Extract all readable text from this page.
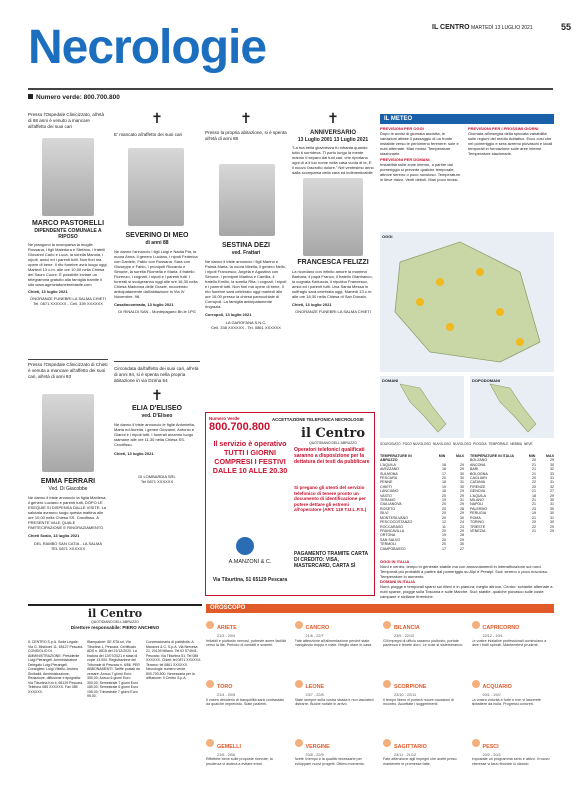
Necrologie	IL CENTRO MARTEDÌ 13 LUGLIO 2021	55
Numero verde: 800.700.800
Presso l'Ospedale Clinicizzato, all'età di 68 anni è venuto a mancare all'affetto dei suoi cari
MARCO PASTORELLI
DIPENDENTE COMUNALE A RIPOSO
Ne piangono la scomparsa la moglie Rossana, i figli Maledora e Stefano, i fratelli Giovanni Carlo e Luca, la sorella Manola, i nipoti, amici ed i parenti tutti. Non fiori ma opere di bene. Il rito funebre avrà luogo oggi, Martedì 13 c.m. alle ore 10,00 nella Chiesa del Sacro Cuore. È possibile inviare un telegramma gratuito alla famiglia tramite il sito www.agenziafunebrebasile.com
Chieti, 13 luglio 2021
ONORANZE FUNEBRI LA SALMA CHIETI
Tel. 0871 XXXXXX - Cell. 339 XXXXXX
Presso l'Ospedale Clinicizzato di Chieti è venuta a mancare all'affetto dei suoi cari, all'età di anni 93
EMMA FERRARI
Ved. Di Giacobbe
Ne danno il triste annuncio la figlia Marilena, il genero Luciano e parenti tutti. DOPO LE ESEQUIE SI DISPENSA DALLE VISITE. La salutata avranno luogo questa mattina alle ore 10,00 nella Chiesa SS. Crocifisso. A PRESENTE VALE QUALE PARTECIPAZIONE E RINGRAZIAMENTO
Chieti Scalo, 13 luglio 2021
DEL RAMBO SAN CATIA - LA SALMA
TEL 0871 XXXXXX
✝
E' mancato all'affetto dei suoi cari
SEVERINO DI MEO
di anni 88
Ne danno l'annuncio i figli Luigi e Nadia Pia, la nuora Anna, il genero Luciano, i nipoti Federica con Daniele, Fabio con Rossana. Sara con Giuseppe e Fabio, i pronipoti Riccardo e Simone, la sorella Filomella e Maria, il fratello Fiorenzo, i cognati, i nipoti e i parenti tutti. I funerali si svolgeranno oggi alle ore 16,30 nella Chiesa Madonna delle Grazie, muovendo anticipatamente dall'abitazione in Via IV Novembre, 98.
Casalincontrada, 13 luglio 2021
DI RINALDI SAN - Montepagano Bh.le 1PG
Circondata dall'affetto dei suoi cari, all'età di anni 94, si è spenta nella propria abitazione in via Dzima 54
✝
ELIA D'ELISEO
ved. D'Eliseo
Ne danno il triste annuncio le figlie Antonietta, Maria ed Aurelia, i generi Giovanni, Antonio e Gianni e i nipoti tutti. I funerali avranno luogo stamane alle ore 11,30 nella Chiesa SS. Crocifisso.
Chieti, 13 luglio 2021
DI LOMBARDIA SRL
Tel 0871 XXXXXX
✝
Presso la propria abitazione, si è spenta all'età di anni 88
SESTINA DEZI
ved. Frattari
Ne danno il triste annuncio i figli Marino e Palma Maria, la nuora Mirella, il genero Nello, i nipoti Francesco, Angela e Agostina con Simone, i pronipoti Martina e Camilla, il fratello Emilio, la sorella Rita, i cognati, i nipoti e i parenti tutti. Non fiori ma opere di bene. Il rito funebre sarà celebrato oggi martedì alle ore 16,00 presso la chiesa parrocchiale di Corropoli. La famiglia anticipatamente ringrazia.
Corropoli, 13 luglio 2021
LA GAROFANA S.N.C.
Cell. 338 XXXXXX - Tel. 0861 XXXXXX
✝
ANNIVERSARIO
13 Luglio 2001 13 Luglio 2021
"La tua bella giovinezza fu infranta quando tutto ti sorrideva. Ti porto lungo la mente manon ti separo dai tuoi cari, che riportano ogni dì a il tuo nome nella casa vuota di te, E il nuovo l'ascrolto dolore." Nel ventesimo anno dalla scomparsa della cara ed indimenticabile
FRANCESCA FELIZZI
La ricordano con infinito amore la mamma Barbara, il papà Franco, il fratello Gianfranco, la cognata Katiuscia, il nipotino Francesco, amici ed i parenti tutti. Una Santa Messa in suffragio sarà celebrata oggi, Martedì 13 c.m. alle ore 18,30 nella Chiesa di San Donato.
Chieti, 13 luglio 2021
ONORANZE FUNEBRI LA SALMA CHIETI
Numero Verde
800.700.800
ACCETTAZIONE TELEFONICA NECROLOGIE
il Centro
QUOTIDIANO DELL'ABRUZZO
Il servizio è operativo TUTTI I GIORNI COMPRESI I FESTIVI DALLE 10 ALLE 20.30
Operatori telefonici qualificati saranno a disposizione per la dettatura dei testi da pubblicare
Si pregano gli utenti del servizio telefonico di tenere pronto un documento di identificazione per potere dettare gli estremi all'operatore (ART. 119 T.U.L.P.S.)
A.MANZONI & C.
Via Tiburtina, 51 65129 Pescara
PAGAMENTO TRAMITE CARTA DI CREDITO: VISA, MASTERCARD, CARTA SÌ
IL METEO
PREVISIONI PER OGGI
Dopo le avvisi di giornata asciutta, le variazioni attese il passaggio di un fronte instabile verso le perlomeno ferenere: sole e nubi alternate. Mari mossi. Temperature stazionarie.
PREVISIONI PER DOMANI
Instabilità sulle zone interne, a partire dal pomeriggio si prevede qualche temporale; altrove sereno o poco nuvoloso. Temperature in lieve rialzo. Venti deboli. Mari poco mossi.
PREVISIONI PER I PROSSIMI GIORNI
Giornata all'insegna della spiccata variabilità sulle regioni del medio Adriatico. Ecco così che nel pomeriggio e sera avremo piovaschi e locali temporali in formazione sulle aree interne. Temperature stazionarie.
OGGI
DOMANI	DOPODOMANI
SOLEGGIATO POCO NUVOLOSO NUVOLOSO NUVOLOSO PIOGGIA TEMPORALE NEBBIA NEVE
TEMPERATURE IN ABRUZZO
MIN	MAX
L'AQUILA	18	29
AVEZZANO	16	29
SULMONA	17	30
PESCARA	20	30
PENNE	18	31
CHIETI	19	30
LANCIANO	18	29
VASTO	20	29
TERAMO	19	31
GIULIANOVA	20	29
ROSETO	20	28
SILVI	20	29
MONTESILVANO	20	30
PESCOCOSTANZO	12	24
ROCCARASO	11	23
FRANCAVILLA	20	29
ORTONA	19	28
SAN SALVO	20	29
TERMOLI	20	30
CAMPOBASSO	17	27
TEMPERATURE IN ITALIA	MIN	MAX
BOLZANO	20	29
ANCONA	21	30
BARI	21	32
BOLOGNA	21	33
CAGLIARI	20	31
CATANIA	22	31
FIRENZE	20	32
GENOVA	21	27
L'AQUILA	18	29
MILANO	21	30
NAPOLI	21	31
PALERMO	23	30
PERUGIA	19	30
ROMA	21	31
TORINO	20	30
TRIESTE	22	29
VENEZIA	21	29
OGGI IN ITALIA
Nord e centro: tempo in generale stabile ma con annuvolamenti in intensificazione sul nord. Temporali più probabili a partire dal pomeriggio su Alpi e Prealpi. Sud: sereno o poco nuvoloso. Temperature in aumento.
DOMANI IN ITALIA
Nord: piogge e temporali sparsi sui rilievi e in pianura; meglio altrove. Centro: schiarite alternate a nubi sparse, piogge sulla Toscana e sulle Marche. Sud: stabile, qualche piovasco sulle coste campane e siciliane tirreniche.
il Centro
QUOTIDIANO DELL'ABRUZZO
Direttore responsabile: PIERO ANCHINO
IL CENTRO S.p.A. Sede Legale: Via G. Misticoni 11, 65127 Pescara. CONSIGLIO DI AMMINISTRAZIONE: Presidente Luigi Pierangeli. Amministratore Delegato Luigi Pierangeli. Consiglieri: Luigi Vitiello, Andrea Sinibaldi. Amministrazione, Redazione, diffusione e tipografia: Via Tiburtina Km 4, 65129 Pescara. Telefono 085 XXXXXX. Fax 085 XXXXXX.
Stampatore: SE.STA srl, Via Tiburtina 1, Pescara. Certificato ADS n. 8815 del 21/12/2020. La tiratura del 12/07/2021 è stata di copie 13.000. Registrazione del Tribunale di Pescara n. 6/86. PER ABBONAMENTI: Tariffe postali da versare: Annuo 7 giorni Euro 350,00; Annuo 6 giorni Euro 300,00; Semestrale 7 giorni Euro 180,00; Semestrale 6 giorni Euro 155,00; Trimestrale 7 giorni Euro 95,00.
Concessionaria di pubblicità: A. Manzoni & C. S.p.A. Via Nervesa 21, 20139 Milano. Tel 02 574941. Pescara: Via Tiburtina 51, Tel 085 XXXXXX. Chieti: tel 0871 XXXXXX. Teramo: tel 0861 XXXXXX. Necrologie numero verde 800.700.800. Necessaria per la diffusione: Il Centro S.p.A.
OROSCOPO
ARIETE
21/3 - 20/4
Irritabili e piuttosto nervosi, potreste avere facilità verso la lite. Periodo di contatti e scambi.
CANCRO
21/6 - 22/7
Fate attenzione all'alimentazione perché state mangiando troppo e male. Meglio stare in casa.
BILANCIA
23/9 - 22/10
Gli impegni di ufficio saranno piuttosto, portate pazienza e tenete duro. Le cose si sistemeranno.
CAPRICORNO
22/12 - 19/1
Le vostre iniziative professionali cominciano a dare i frutti sperati. Mantenetevi prudenti.
TORO
21/4 - 20/5
Il vostro desiderio di tranquillità sarà contrastato da qualche imprevisto. Siate pazienti.
LEONE
23/7 - 22/8
State sempre sulla vostra strada e non lasciatevi distrarre. Buone notizie in arrivo.
SCORPIONE
23/10 - 22/11
Il tempo libero vi porterà nuove occasioni di incontro. Accettate i suggerimenti.
ACQUARIO
20/1 - 19/2
La vostra volontà è forte e non vi lascerete abbattere da nulla. Progressi concreti.
GEMELLI
21/5 - 20/6
Riflettete bene sulle proposte ricevute; la prudenza vi aiuterà a evitare errori.
VERGINE
23/8 - 22/9
Avete il tempo e la qualità necessarie per sviluppare nuovi progetti. Ottimo momento.
SAGITTARIO
23/11 - 21/12
Fate attenzione agli impegni che avete preso: mantenete le promesse fatte.
PESCI
20/2 - 20/3
Impostate un programma serio e attivo. Il nuovo interesse vi farà ritrovare lo slancio.
